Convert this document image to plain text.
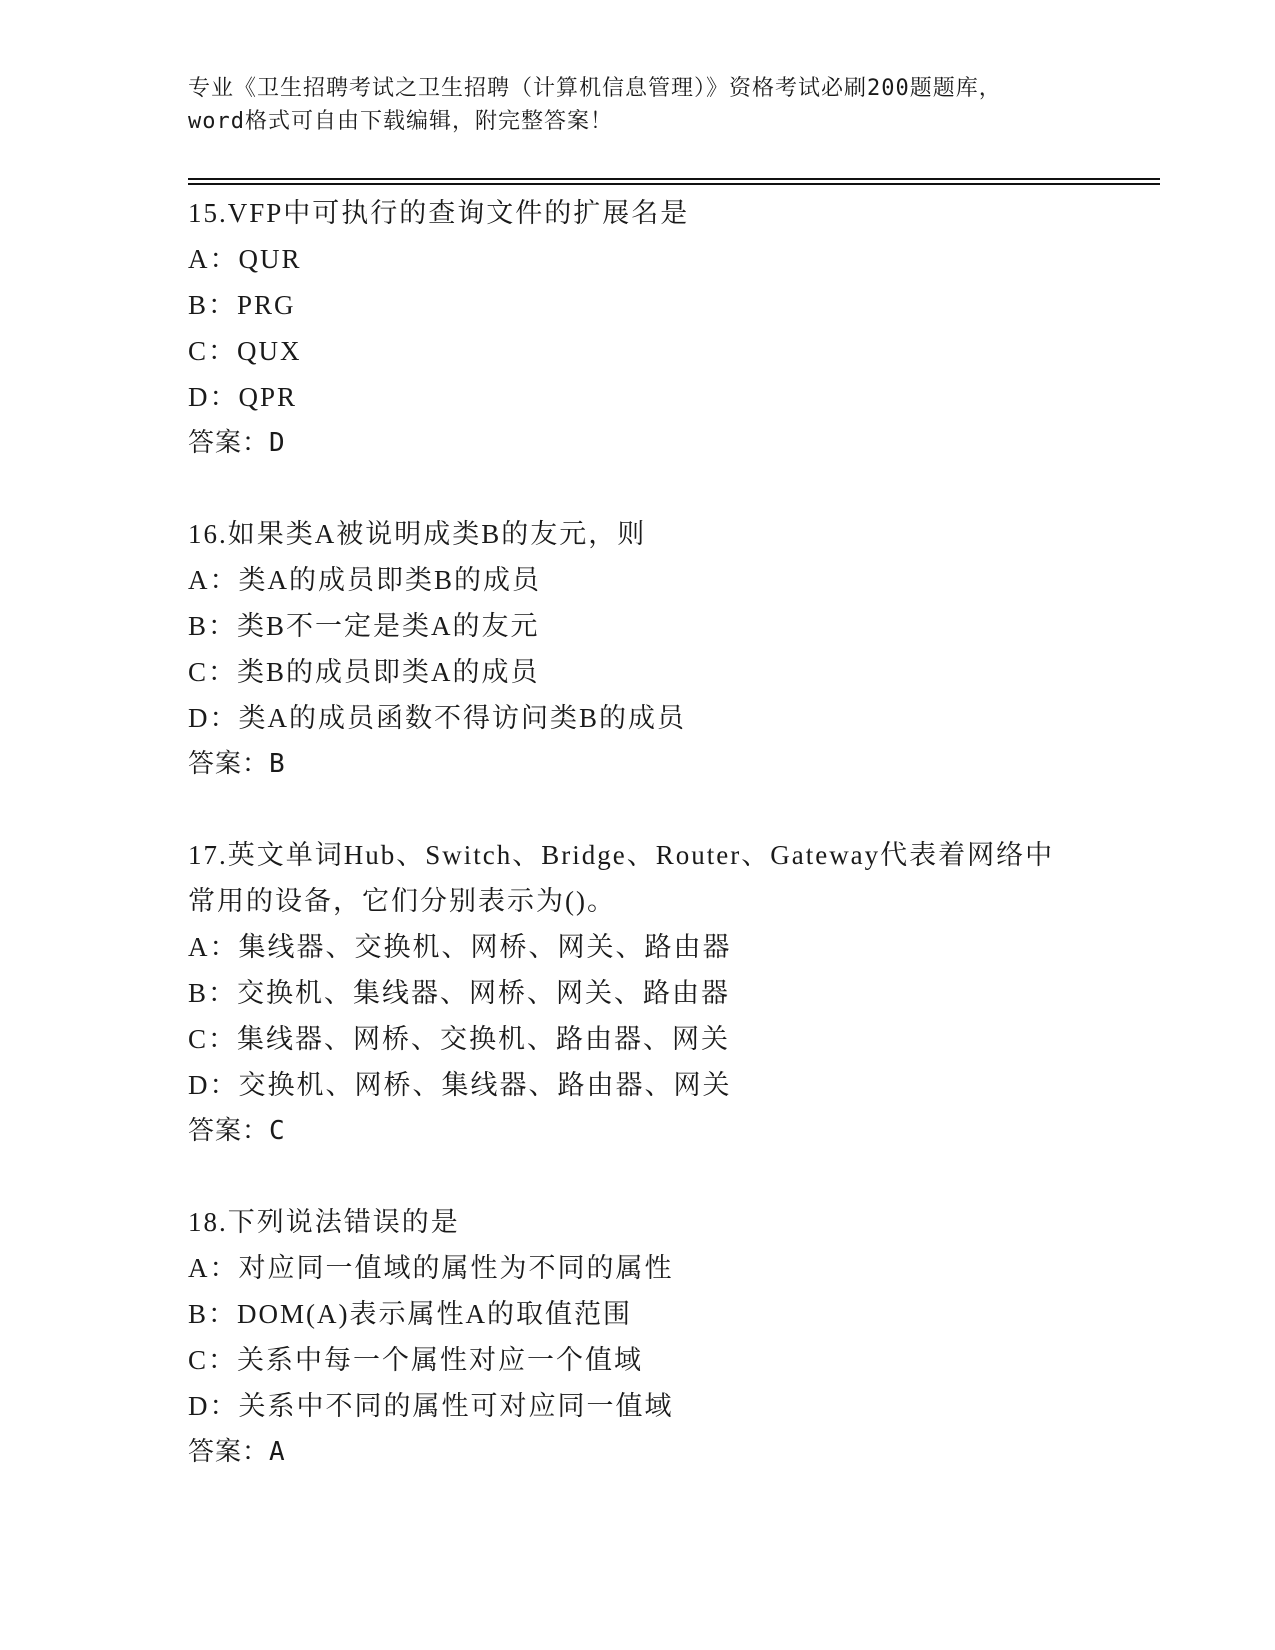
专业《卫生招聘考试之卫生招聘（计算机信息管理）》资格考试必刷200题题库，
word格式可自由下载编辑，附完整答案！
15.VFP中可执行的查询文件的扩展名是
A：QUR
B：PRG
C：QUX
D：QPR
答案：D
16.如果类A被说明成类B的友元，则
A：类A的成员即类B的成员
B：类B不一定是类A的友元
C：类B的成员即类A的成员
D：类A的成员函数不得访问类B的成员
答案：B
17.英文单词Hub、Switch、Bridge、Router、Gateway代表着网络中
常用的设备，它们分别表示为()。
A：集线器、交换机、网桥、网关、路由器
B：交换机、集线器、网桥、网关、路由器
C：集线器、网桥、交换机、路由器、网关
D：交换机、网桥、集线器、路由器、网关
答案：C
18.下列说法错误的是
A：对应同一值域的属性为不同的属性
B：DOM(A)表示属性A的取值范围
C：关系中每一个属性对应一个值域
D：关系中不同的属性可对应同一值域
答案：A
